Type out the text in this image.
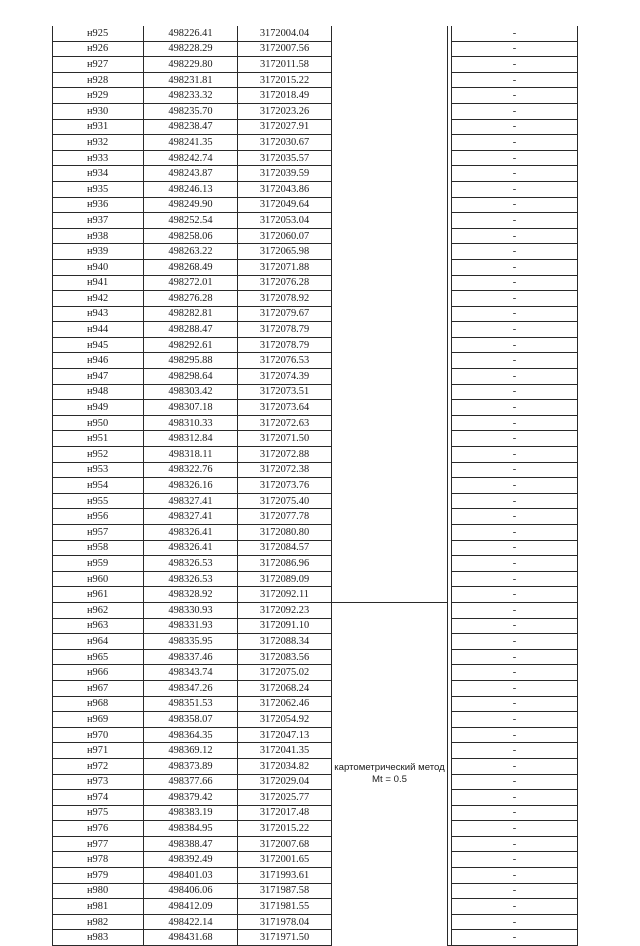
н925	498226.41	3172004.04			-
н926	498228.29	3172007.56			-
н927	498229.80	3172011.58			-
н928	498231.81	3172015.22			-
н929	498233.32	3172018.49			-
н930	498235.70	3172023.26			-
н931	498238.47	3172027.91			-
н932	498241.35	3172030.67			-
н933	498242.74	3172035.57			-
н934	498243.87	3172039.59			-
н935	498246.13	3172043.86			-
н936	498249.90	3172049.64			-
н937	498252.54	3172053.04			-
н938	498258.06	3172060.07			-
н939	498263.22	3172065.98			-
н940	498268.49	3172071.88			-
н941	498272.01	3172076.28			-
н942	498276.28	3172078.92			-
н943	498282.81	3172079.67			-
н944	498288.47	3172078.79			-
н945	498292.61	3172078.79			-
н946	498295.88	3172076.53			-
н947	498298.64	3172074.39			-
н948	498303.42	3172073.51			-
н949	498307.18	3172073.64			-
н950	498310.33	3172072.63			-
н951	498312.84	3172071.50			-
н952	498318.11	3172072.88			-
н953	498322.76	3172072.38			-
н954	498326.16	3172073.76			-
н955	498327.41	3172075.40			-
н956	498327.41	3172077.78			-
н957	498326.41	3172080.80			-
н958	498326.41	3172084.57			-
н959	498326.53	3172086.96			-
н960	498326.53	3172089.09			-
н961	498328.92	3172092.11			-
н962	498330.93	3172092.23	картометрический метод Mt = 0.5		-
н963	498331.93	3172091.10			-
н964	498335.95	3172088.34			-
н965	498337.46	3172083.56			-
н966	498343.74	3172075.02			-
н967	498347.26	3172068.24			-
н968	498351.53	3172062.46			-
н969	498358.07	3172054.92			-
н970	498364.35	3172047.13			-
н971	498369.12	3172041.35			-
н972	498373.89	3172034.82			-
н973	498377.66	3172029.04			-
н974	498379.42	3172025.77			-
н975	498383.19	3172017.48			-
н976	498384.95	3172015.22			-
н977	498388.47	3172007.68			-
н978	498392.49	3172001.65			-
н979	498401.03	3171993.61			-
н980	498406.06	3171987.58			-
н981	498412.09	3171981.55			-
н982	498422.14	3171978.04			-
н983	498431.68	3171971.50			-
